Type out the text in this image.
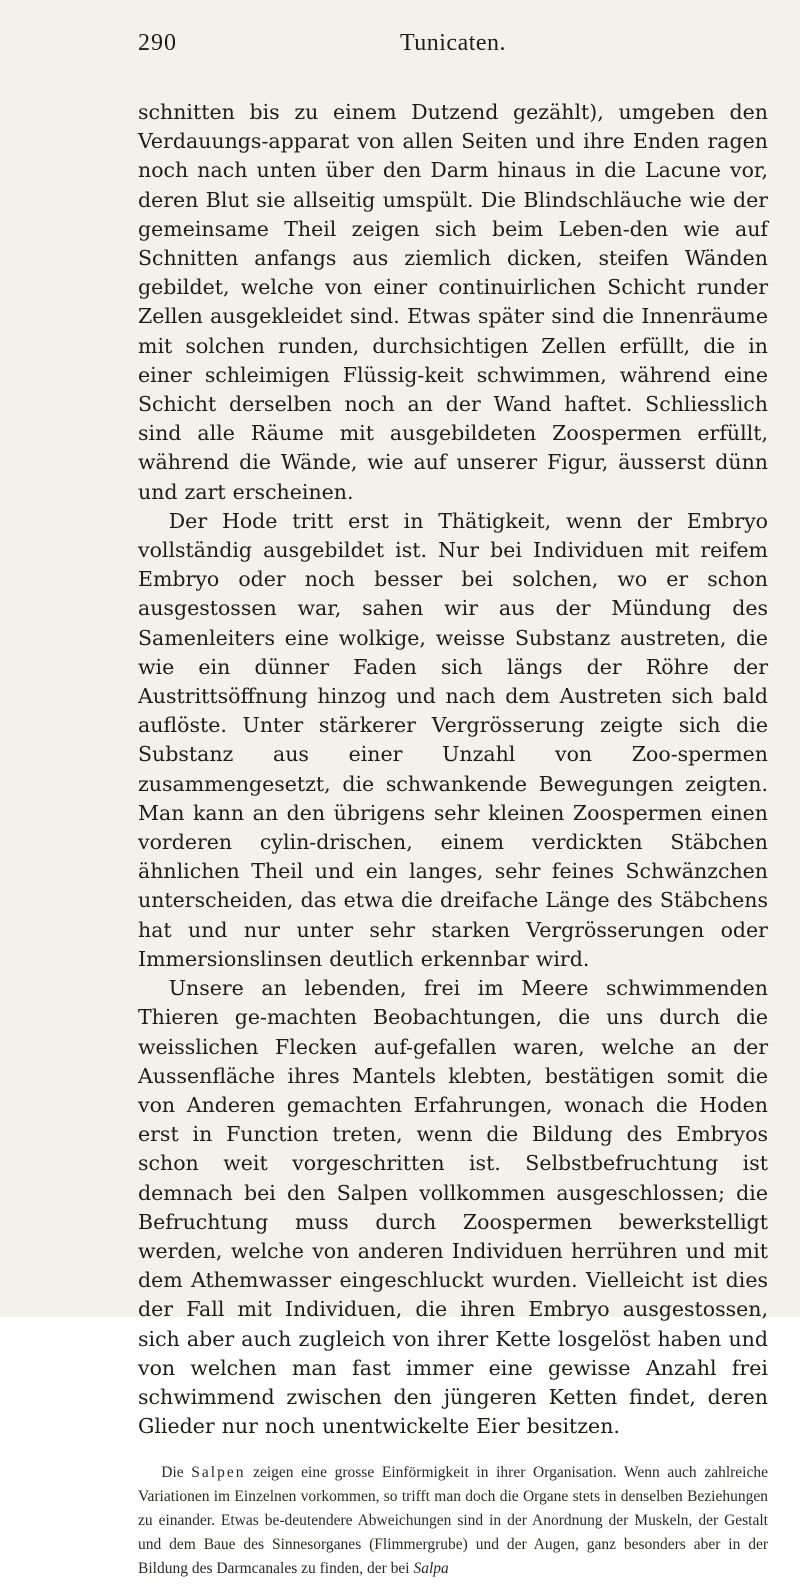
290	Tunicaten.

schnitten bis zu einem Dutzend gezählt), umgeben den Verdauungs-apparat von allen Seiten und ihre Enden ragen noch nach unten über den Darm hinaus in die Lacune vor, deren Blut sie allseitig umspült. Die Blindschläuche wie der gemeinsame Theil zeigen sich beim Leben-den wie auf Schnitten anfangs aus ziemlich dicken, steifen Wänden gebildet, welche von einer continuirlichen Schicht runder Zellen ausgekleidet sind. Etwas später sind die Innenräume mit solchen runden, durchsichtigen Zellen erfüllt, die in einer schleimigen Flüssig-keit schwimmen, während eine Schicht derselben noch an der Wand haftet. Schliesslich sind alle Räume mit ausgebildeten Zoospermen erfüllt, während die Wände, wie auf unserer Figur, äusserst dünn und zart erscheinen.

Der Hode tritt erst in Thätigkeit, wenn der Embryo vollständig ausgebildet ist. Nur bei Individuen mit reifem Embryo oder noch besser bei solchen, wo er schon ausgestossen war, sahen wir aus der Mündung des Samenleiters eine wolkige, weisse Substanz austreten, die wie ein dünner Faden sich längs der Röhre der Austrittsöffnung hinzog und nach dem Austreten sich bald auflöste. Unter stärkerer Vergrösserung zeigte sich die Substanz aus einer Unzahl von Zoo-spermen zusammengesetzt, die schwankende Bewegungen zeigten. Man kann an den übrigens sehr kleinen Zoospermen einen vorderen cylin-drischen, einem verdickten Stäbchen ähnlichen Theil und ein langes, sehr feines Schwänzchen unterscheiden, das etwa die dreifache Länge des Stäbchens hat und nur unter sehr starken Vergrösserungen oder Immersionslinsen deutlich erkennbar wird.

Unsere an lebenden, frei im Meere schwimmenden Thieren ge-machten Beobachtungen, die uns durch die weisslichen Flecken auf-gefallen waren, welche an der Aussenfläche ihres Mantels klebten, bestätigen somit die von Anderen gemachten Erfahrungen, wonach die Hoden erst in Function treten, wenn die Bildung des Embryos schon weit vorgeschritten ist. Selbstbefruchtung ist demnach bei den Salpen vollkommen ausgeschlossen; die Befruchtung muss durch Zoospermen bewerkstelligt werden, welche von anderen Individuen herrühren und mit dem Athemwasser eingeschluckt wurden. Vielleicht ist dies der Fall mit Individuen, die ihren Embryo ausgestossen, sich aber auch zugleich von ihrer Kette losgelöst haben und von welchen man fast immer eine gewisse Anzahl frei schwimmend zwischen den jüngeren Ketten findet, deren Glieder nur noch unentwickelte Eier besitzen.

Die Salpen zeigen eine grosse Einförmigkeit in ihrer Organisation. Wenn auch zahlreiche Variationen im Einzelnen vorkommen, so trifft man doch die Organe stets in denselben Beziehungen zu einander. Etwas be-deutendere Abweichungen sind in der Anordnung der Muskeln, der Gestalt und dem Baue des Sinnesorganes (Flimmergrube) und der Augen, ganz besonders aber in der Bildung des Darmcanales zu finden, der bei Salpa
